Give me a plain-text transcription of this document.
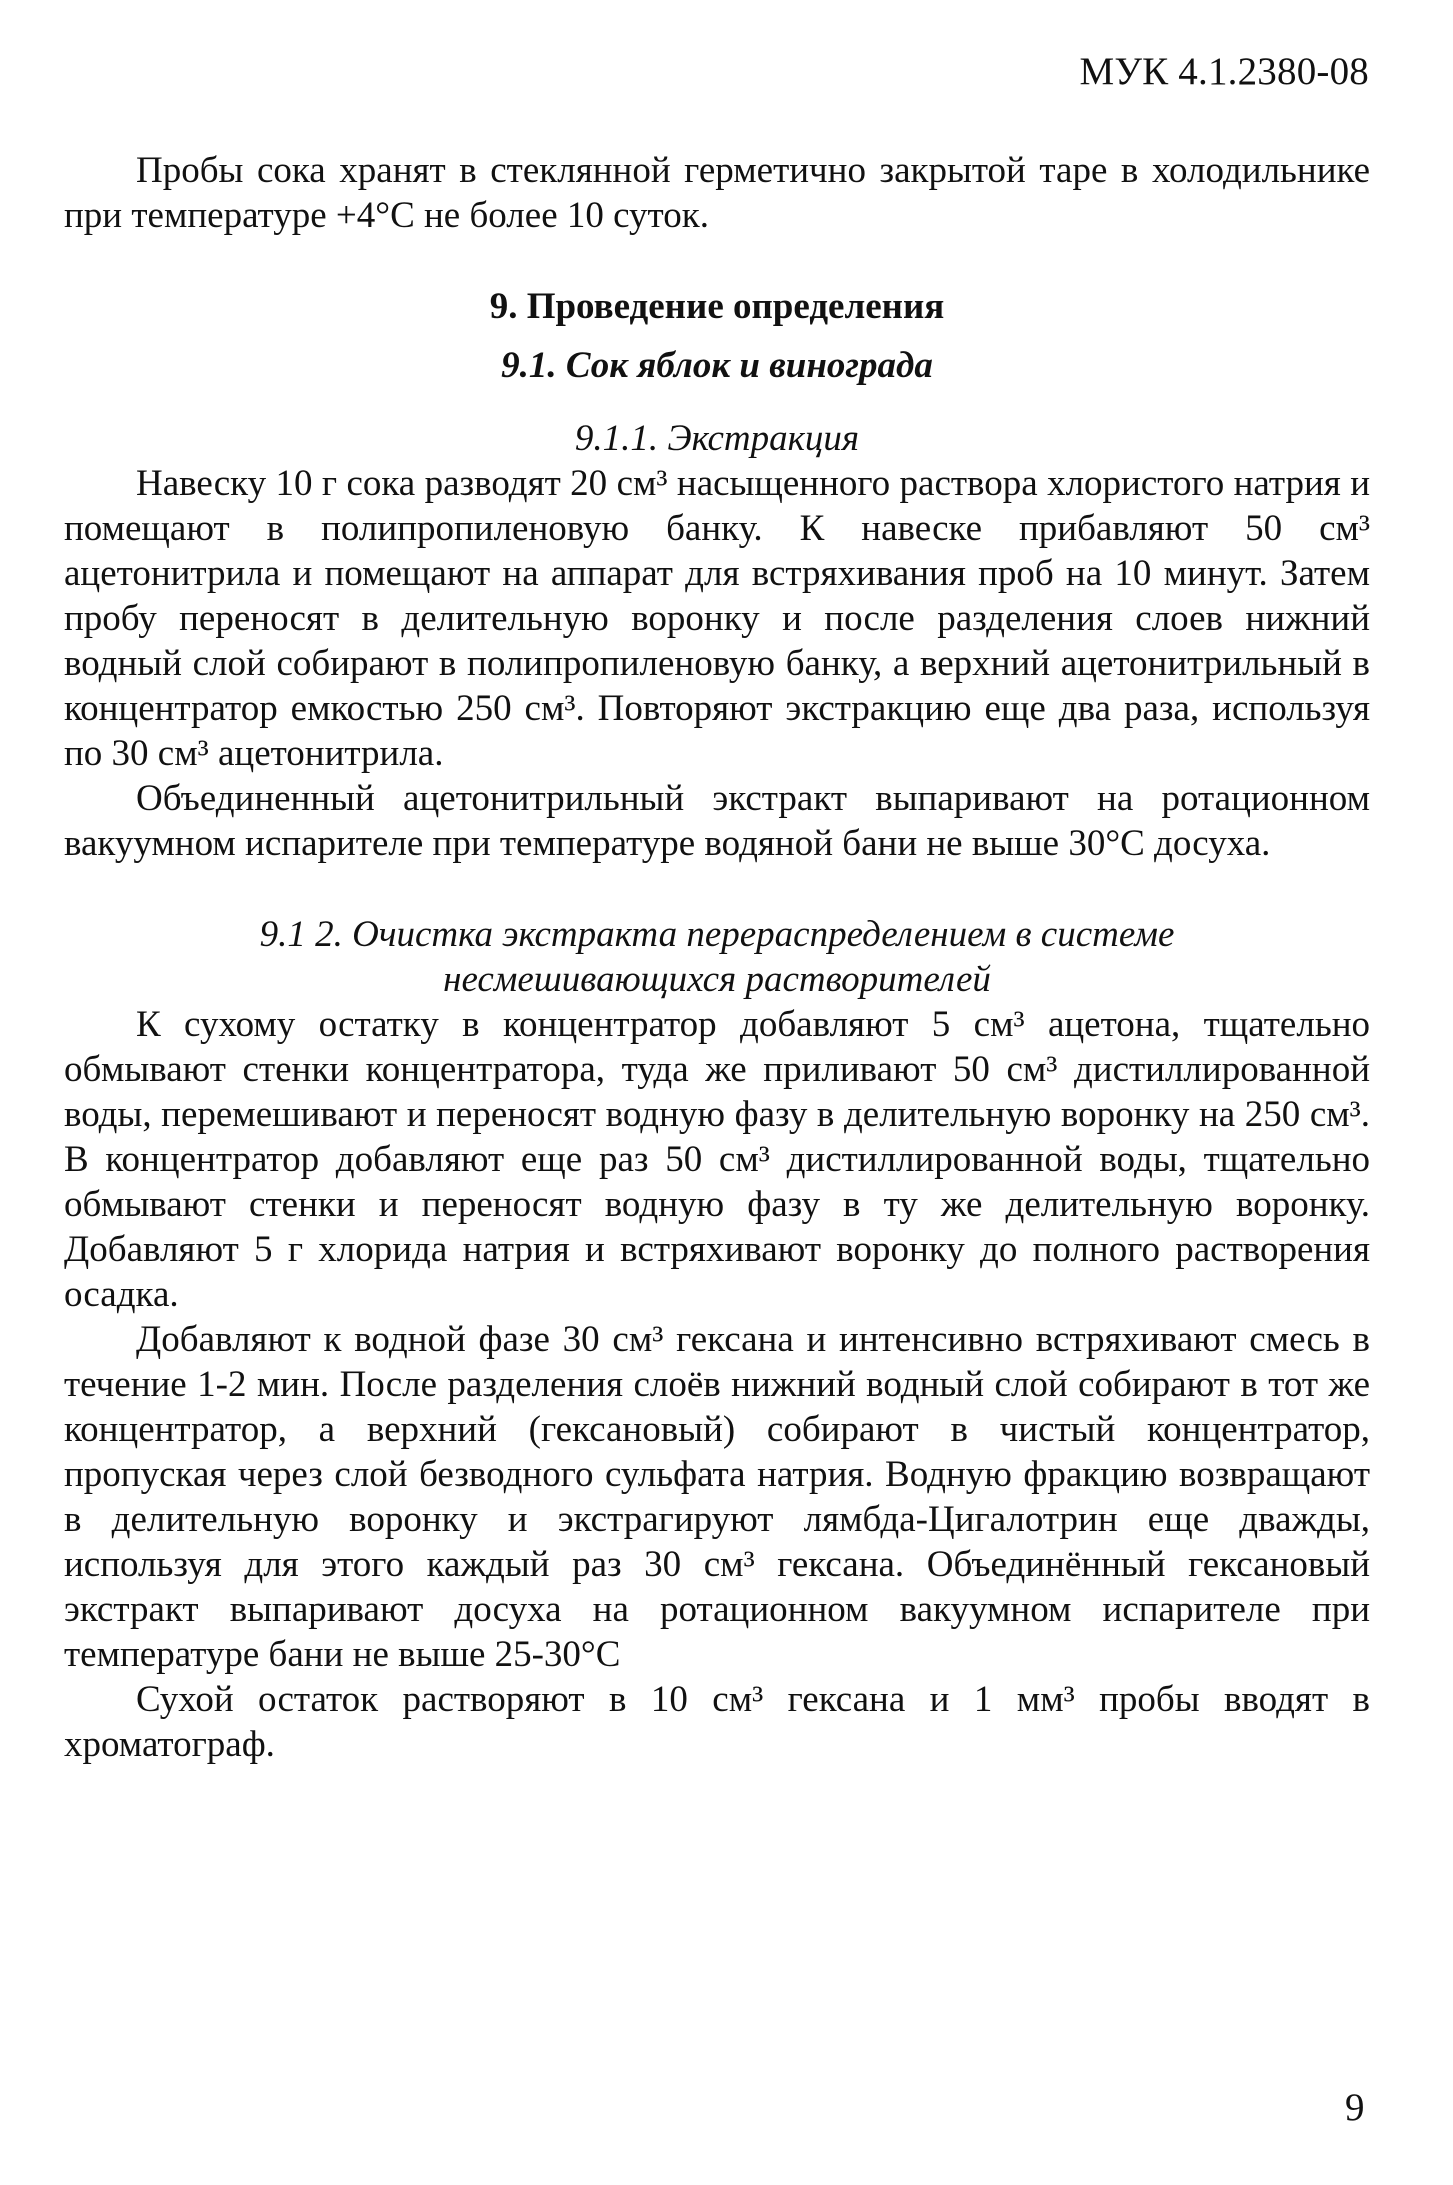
МУК 4.1.2380-08

Пробы сока хранят в стеклянной герметично закрытой таре в холодильнике при температуре +4°С не более 10 суток.

9. Проведение определения
9.1. Сок яблок и винограда
9.1.1. Экстракция

Навеску 10 г сока разводят 20 см³ насыщенного раствора хлористого натрия и помещают в полипропиленовую банку. К навеске прибавляют 50 см³ ацетонитрила и помещают на аппарат для встряхивания проб на 10 минут. Затем пробу переносят в делительную воронку и после разделения слоев нижний водный слой собирают в полипропиленовую банку, а верхний ацетонитрильный в концентратор емкостью 250 см³. Повторяют экстракцию еще два раза, используя по 30 см³ ацетонитрила.

Объединенный ацетонитрильный экстракт выпаривают на ротационном вакуумном испарителе при температуре водяной бани не выше 30°С досуха.

9.1 2. Очистка экстракта перераспределением в системе
несмешивающихся растворителей

К сухому остатку в концентратор добавляют 5 см³ ацетона, тщательно обмывают стенки концентратора, туда же приливают 50 см³ дистиллированной воды, перемешивают и переносят водную фазу в делительную воронку на 250 см³. В концентратор добавляют еще раз 50 см³ дистиллированной воды, тщательно обмывают стенки и переносят водную фазу в ту же делительную воронку. Добавляют 5 г хлорида натрия и встряхивают воронку до полного растворения осадка.

Добавляют к водной фазе 30 см³ гексана и интенсивно встряхивают смесь в течение 1-2 мин. После разделения слоёв нижний водный слой собирают в тот же концентратор, а верхний (гексановый) собирают в чистый концентратор, пропуская через слой безводного сульфата натрия. Водную фракцию возвращают в делительную воронку и экстрагируют лямбда-Цигалотрин еще дважды, используя для этого каждый раз 30 см³ гексана. Объединённый гексановый экстракт выпаривают досуха на ротационном вакуумном испарителе при температуре бани не выше 25-30°С

Сухой остаток растворяют в 10 см³ гексана и 1 мм³ пробы вводят в хроматограф.

9
